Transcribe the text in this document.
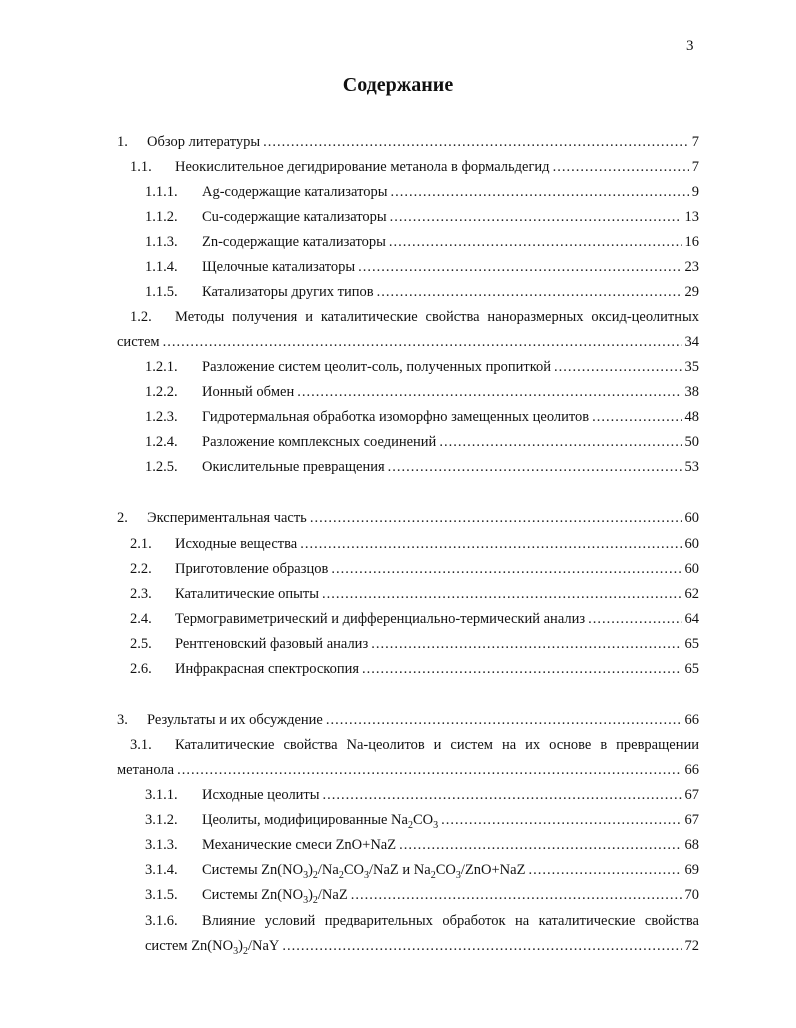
3
Содержание
1.	Обзор литературы .....	7
1.1.	Неокислительное дегидрирование метанола в формальдегид .....	7
1.1.1.	Ag-содержащие катализаторы .....	9
1.1.2.	Cu-содержащие катализаторы .....	13
1.1.3.	Zn-содержащие катализаторы .....	16
1.1.4.	Щелочные катализаторы .....	23
1.1.5.	Катализаторы других типов .....	29
1.2.	Методы получения и каталитические свойства наноразмерных оксид-цеолитных
систем .....	34
1.2.1.	Разложение систем цеолит-соль, полученных пропиткой .....	35
1.2.2.	Ионный обмен .....	38
1.2.3.	Гидротермальная обработка изоморфно замещенных цеолитов .....	48
1.2.4.	Разложение комплексных соединений .....	50
1.2.5.	Окислительные превращения .....	53
2.	Экспериментальная часть .....	60
2.1.	Исходные вещества .....	60
2.2.	Приготовление образцов .....	60
2.3.	Каталитические опыты .....	62
2.4.	Термогравиметрический и дифференциально-термический анализ .....	64
2.5.	Рентгеновский фазовый анализ .....	65
2.6.	Инфракрасная спектроскопия .....	65
3.	Результаты и их обсуждение .....	66
3.1.	Каталитические свойства Na-цеолитов и систем на их основе в превращении
метанола .....	66
3.1.1.	Исходные цеолиты .....	67
3.1.2.	Цеолиты, модифицированные $Na_2CO_3$ .....	67
3.1.3.	Механические смеси ZnO+NaZ .....	68
3.1.4.	Системы $Zn(NO_3)_2/Na_2CO_3$/NaZ и $Na_2CO_3/ZnO+NaZ$ .....	69
3.1.5.	Системы $Zn(NO_3)_2$/NaZ .....	70
3.1.6.	Влияние условий предварительных обработок на каталитические свойства
систем $Zn(NO_3)_2$/NaY .....	72
